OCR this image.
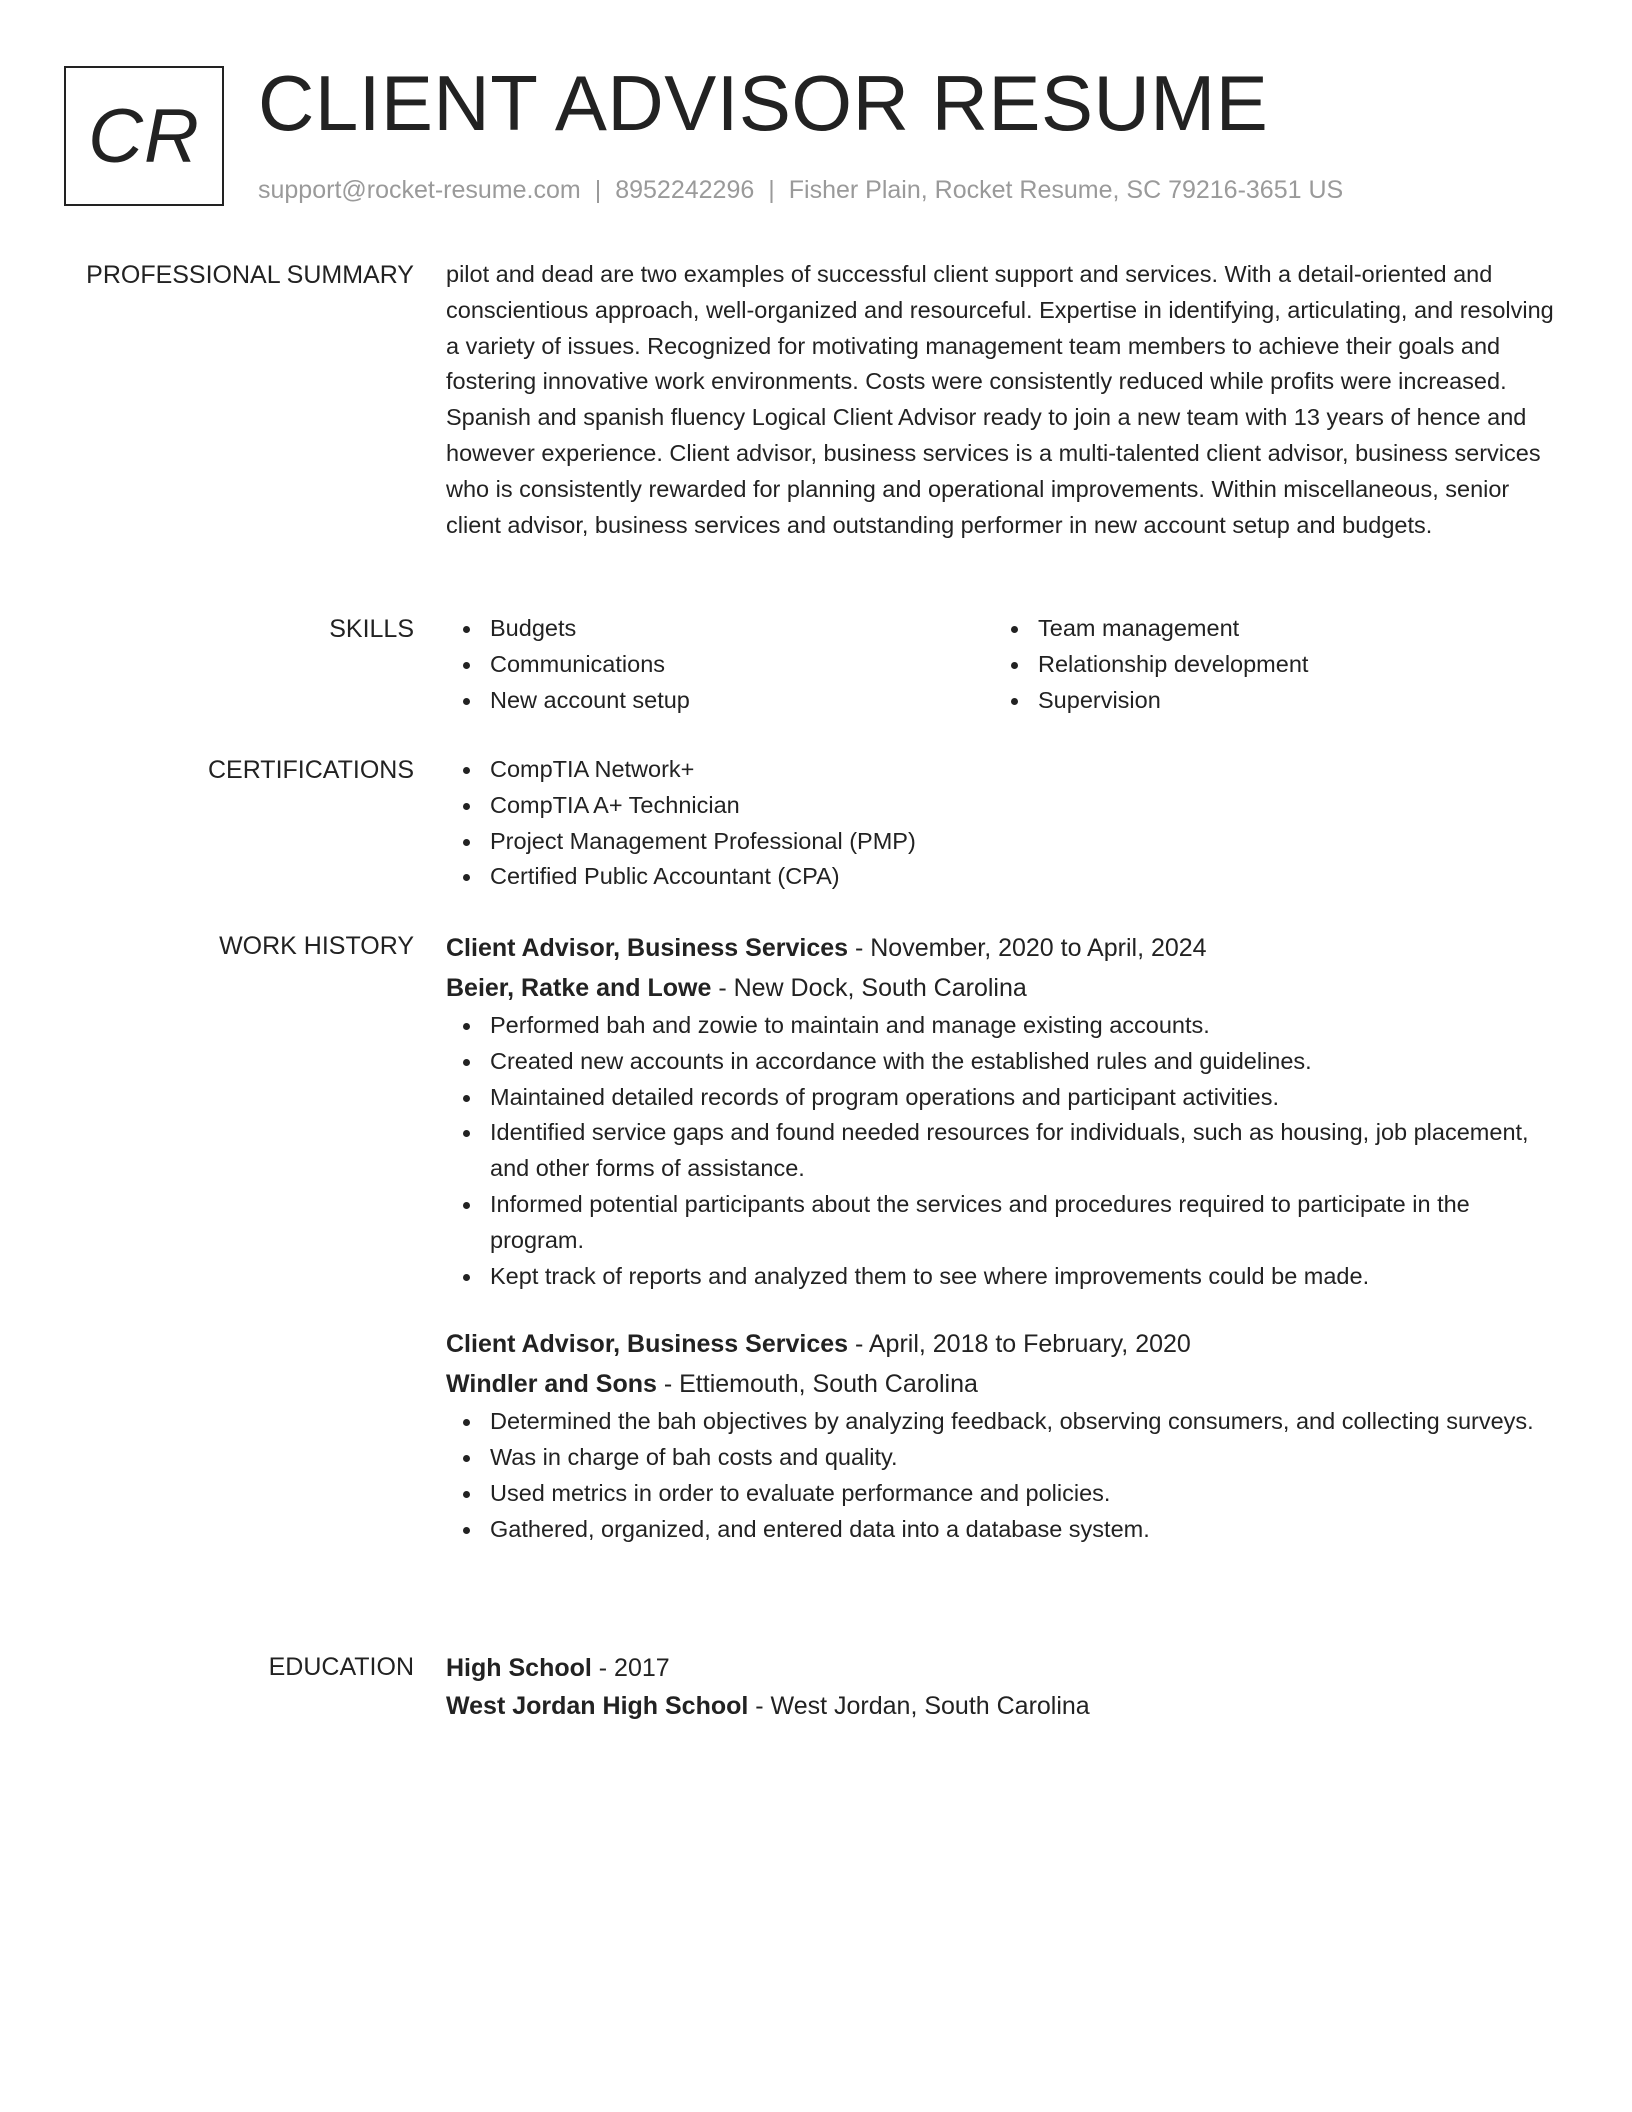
CR CLIENT ADVISOR RESUME
support@rocket-resume.com | 8952242296 | Fisher Plain, Rocket Resume, SC 79216-3651 US
PROFESSIONAL SUMMARY pilot and dead are two examples of successful client support and services. With a detail-oriented and conscientious approach, well-organized and resourceful. Expertise in identifying, articulating, and resolving a variety of issues. Recognized for motivating management team members to achieve their goals and fostering innovative work environments. Costs were consistently reduced while profits were increased. Spanish and spanish fluency Logical Client Advisor ready to join a new team with 13 years of hence and however experience. Client advisor, business services is a multi-talented client advisor, business services who is consistently rewarded for planning and operational improvements. Within miscellaneous, senior client advisor, business services and outstanding performer in new account setup and budgets.

SKILLS	Budgets
Communications
New account setup
Team management
Relationship development
Supervision
CERTIFICATIONS	CompTIA Network+
CompTIA A+ Technician
Project Management Professional (PMP)
Certified Public Accountant (CPA)
WORK HISTORY Client Advisor, Business Services - November, 2020 to April, 2024
Beier, Ratke and Lowe - New Dock, South Carolina
Performed bah and zowie to maintain and manage existing accounts.
Created new accounts in accordance with the established rules and guidelines.
Maintained detailed records of program operations and participant activities.
Identified service gaps and found needed resources for individuals, such as housing, job placement, and other forms of assistance.
Informed potential participants about the services and procedures required to participate in the program.
Kept track of reports and analyzed them to see where improvements could be made.
Client Advisor, Business Services - April, 2018 to February, 2020
Windler and Sons - Ettiemouth, South Carolina
Determined the bah objectives by analyzing feedback, observing consumers, and collecting surveys.
Was in charge of bah costs and quality.
Used metrics in order to evaluate performance and policies.
Gathered, organized, and entered data into a database system.
EDUCATION High School - 2017
West Jordan High School - West Jordan, South Carolina
